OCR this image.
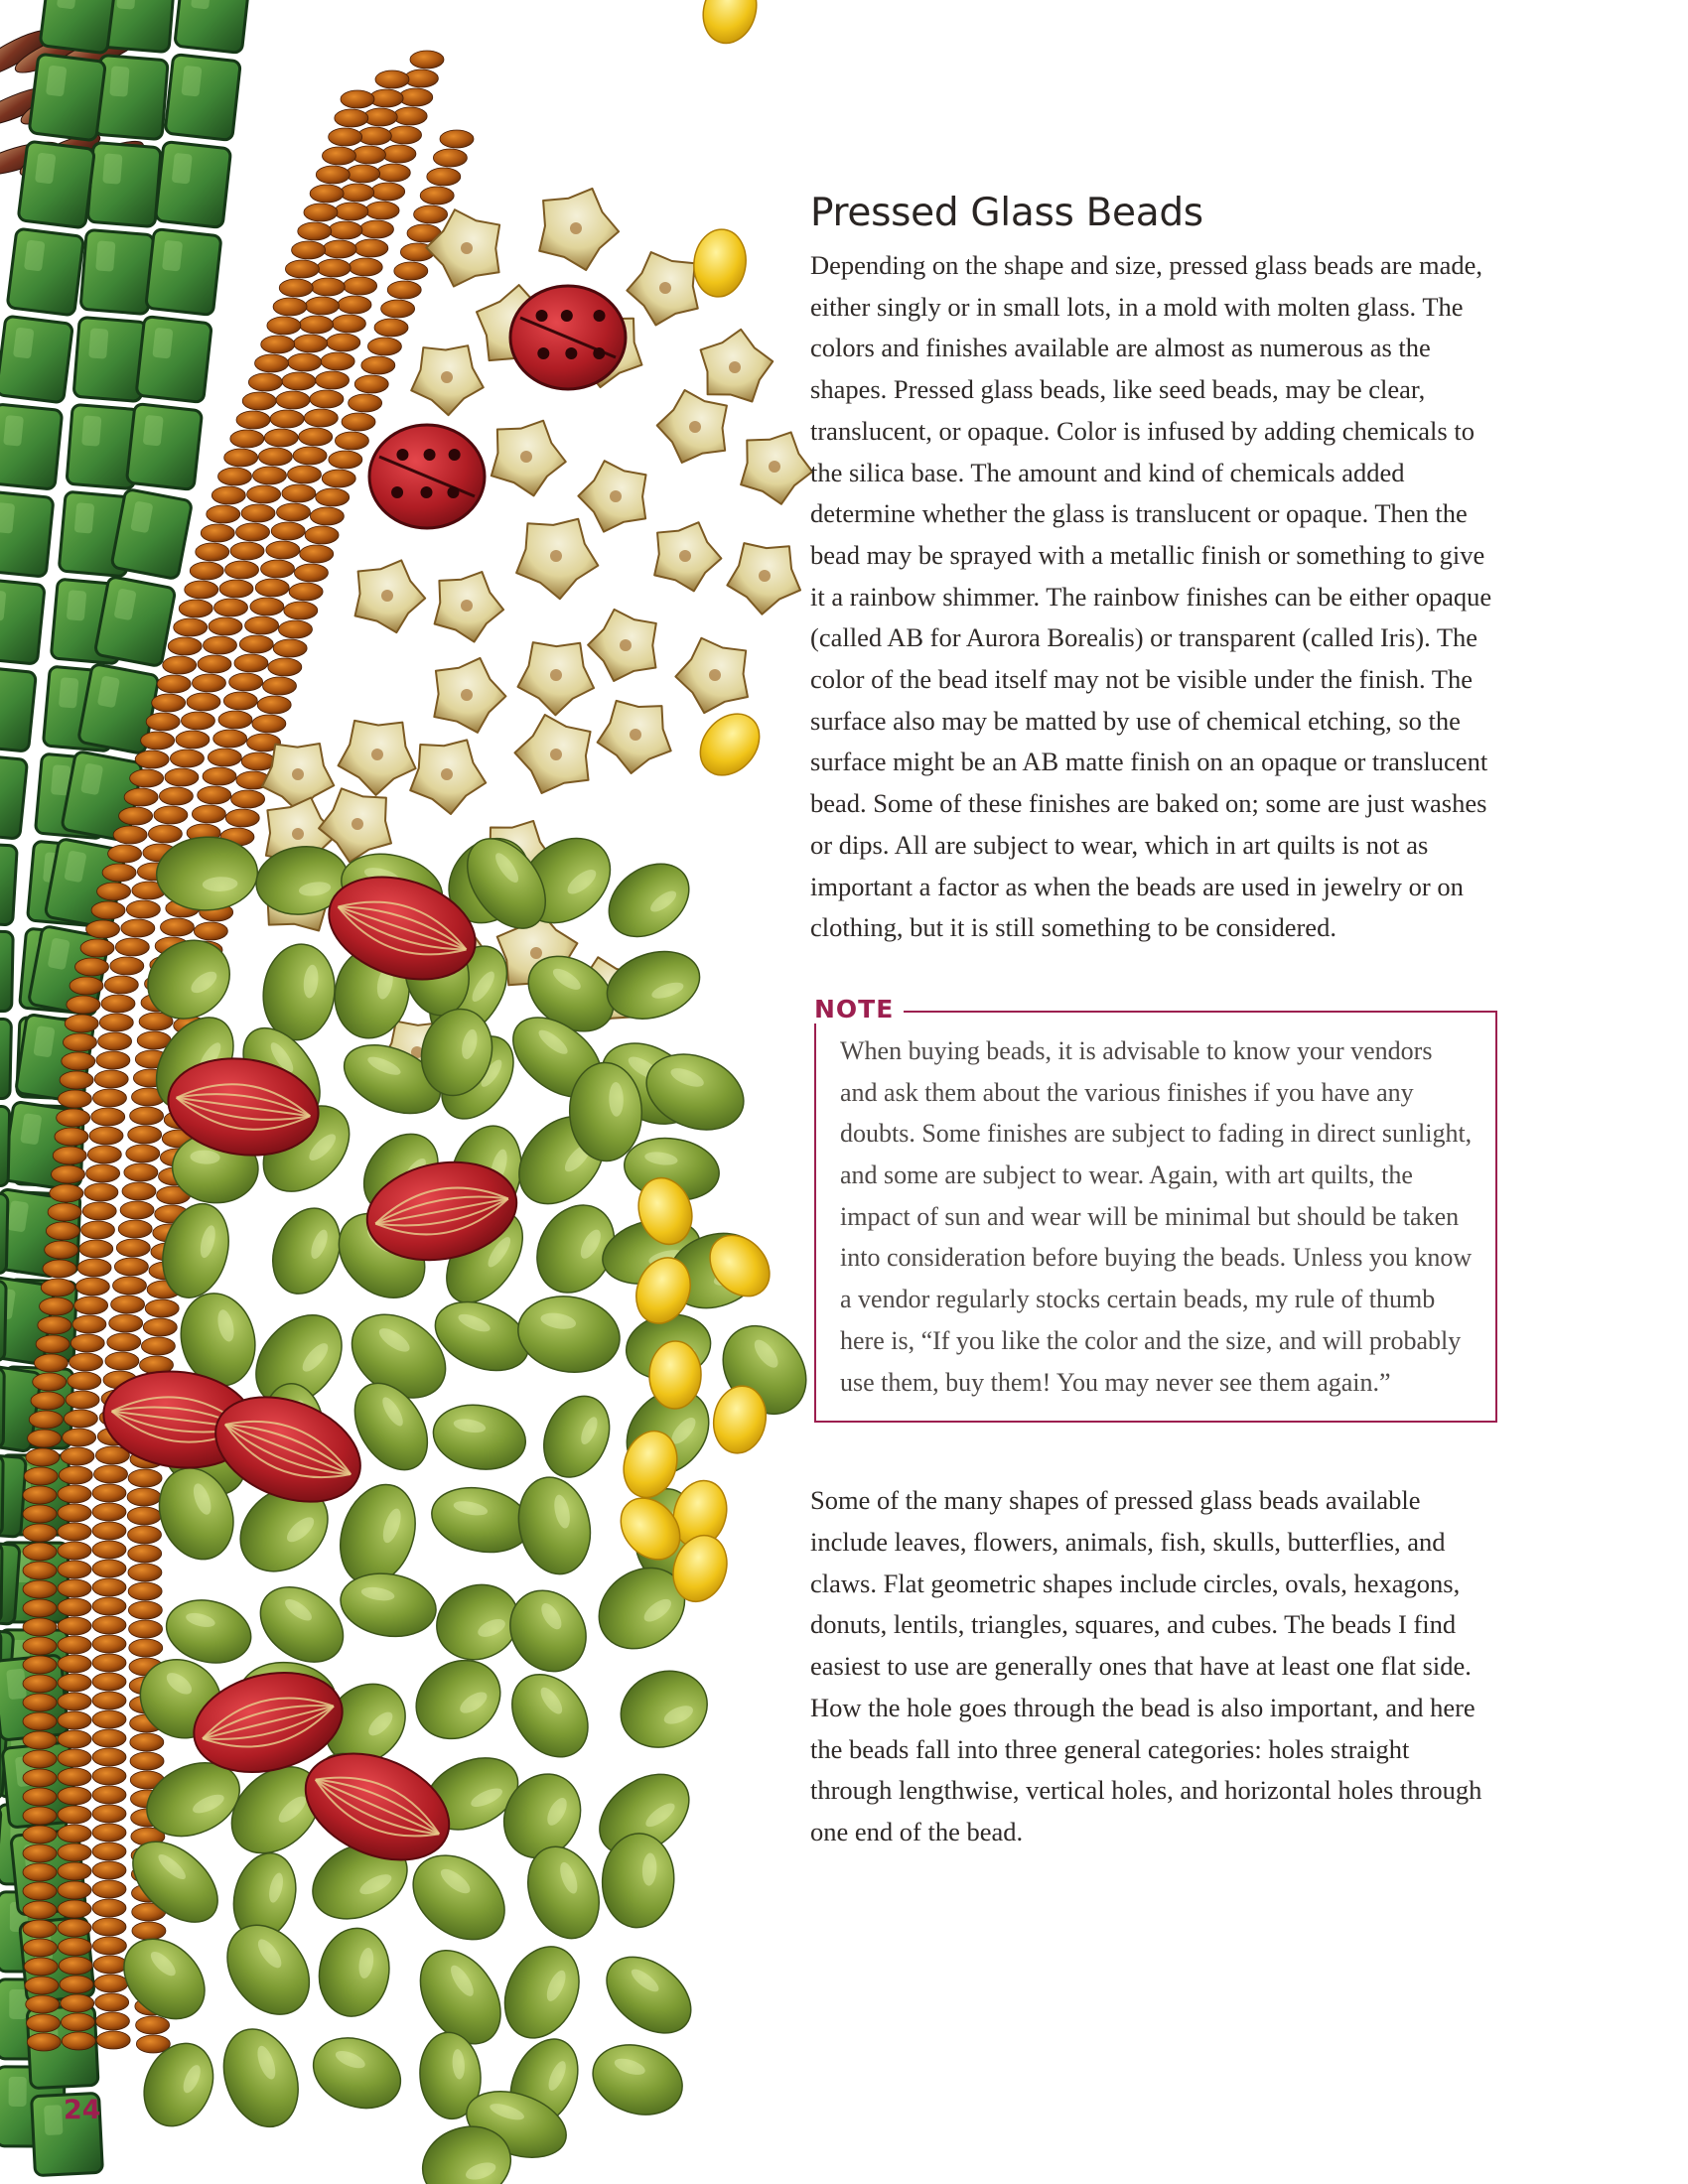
Pressed Glass Beads

Depending on the shape and size, pressed glass beads are made, either singly or in small lots, in a mold with molten glass. The colors and finishes available are almost as numerous as the shapes. Pressed glass beads, like seed beads, may be clear, translucent, or opaque. Color is infused by adding chemicals to the silica base. The amount and kind of chemicals added determine whether the glass is translucent or opaque. Then the bead may be sprayed with a metallic finish or something to give it a rainbow shimmer. The rainbow finishes can be either opaque (called AB for Aurora Borealis) or transparent (called Iris). The color of the bead itself may not be visible under the finish. The surface also may be matted by use of chemical etching, so the surface might be an AB matte finish on an opaque or translucent bead. Some of these finishes are baked on; some are just washes or dips. All are subject to wear, which in art quilts is not as important a factor as when the beads are used in jewelry or on clothing, but it is still something to be considered.

NOTE

When buying beads, it is advisable to know your vendors and ask them about the various finishes if you have any doubts. Some finishes are subject to fading in direct sunlight, and some are subject to wear. Again, with art quilts, the impact of sun and wear will be minimal but should be taken into consideration before buying the beads. Unless you know a vendor regularly stocks certain beads, my rule of thumb here is, “If you like the color and the size, and will probably use them, buy them! You may never see them again.”

Some of the many shapes of pressed glass beads available include leaves, flowers, animals, fish, skulls, butterflies, and claws. Flat geometric shapes include circles, ovals, hexagons, donuts, lentils, triangles, squares, and cubes. The beads I find easiest to use are generally ones that have at least one flat side. How the hole goes through the bead is also important, and here the beads fall into three general categories: holes straight through lengthwise, vertical holes, and horizontal holes through one end of the bead.

24
